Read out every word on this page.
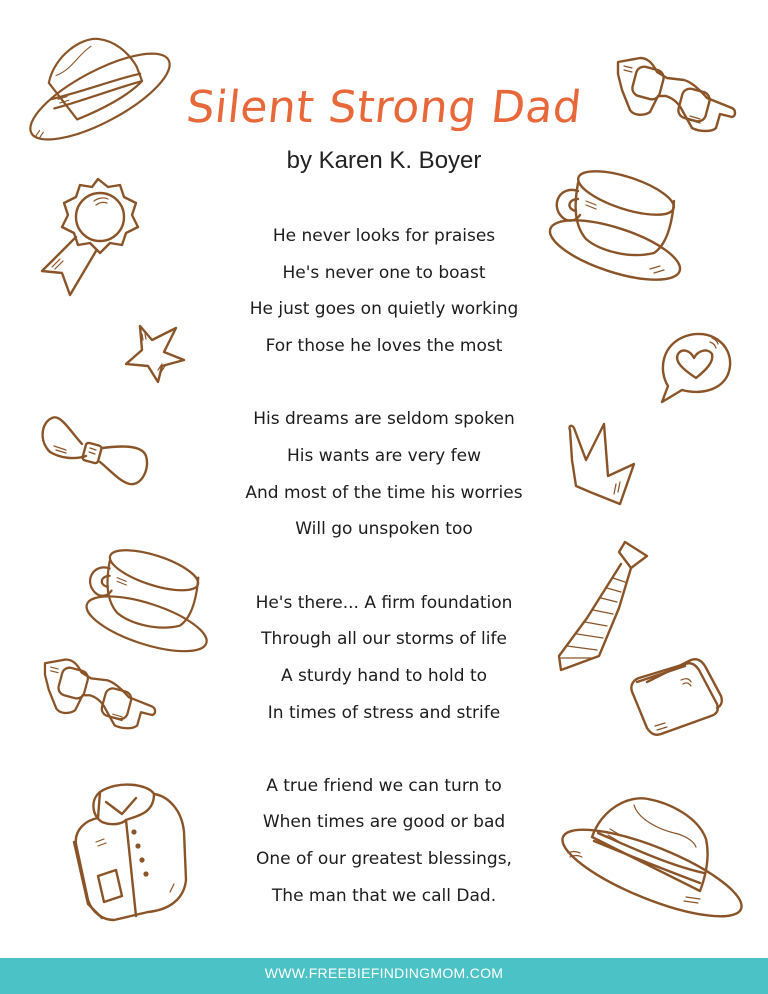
Silent Strong Dad
by Karen K. Boyer
He never looks for praises
He's never one to boast
He just goes on quietly working
For those he loves the most
His dreams are seldom spoken
His wants are very few
And most of the time his worries
Will go unspoken too
He's there... A firm foundation
Through all our storms of life
A sturdy hand to hold to
In times of stress and strife
A true friend we can turn to
When times are good or bad
One of our greatest blessings,
The man that we call Dad.
WWW.FREEBIEFINDINGMOM.COM
